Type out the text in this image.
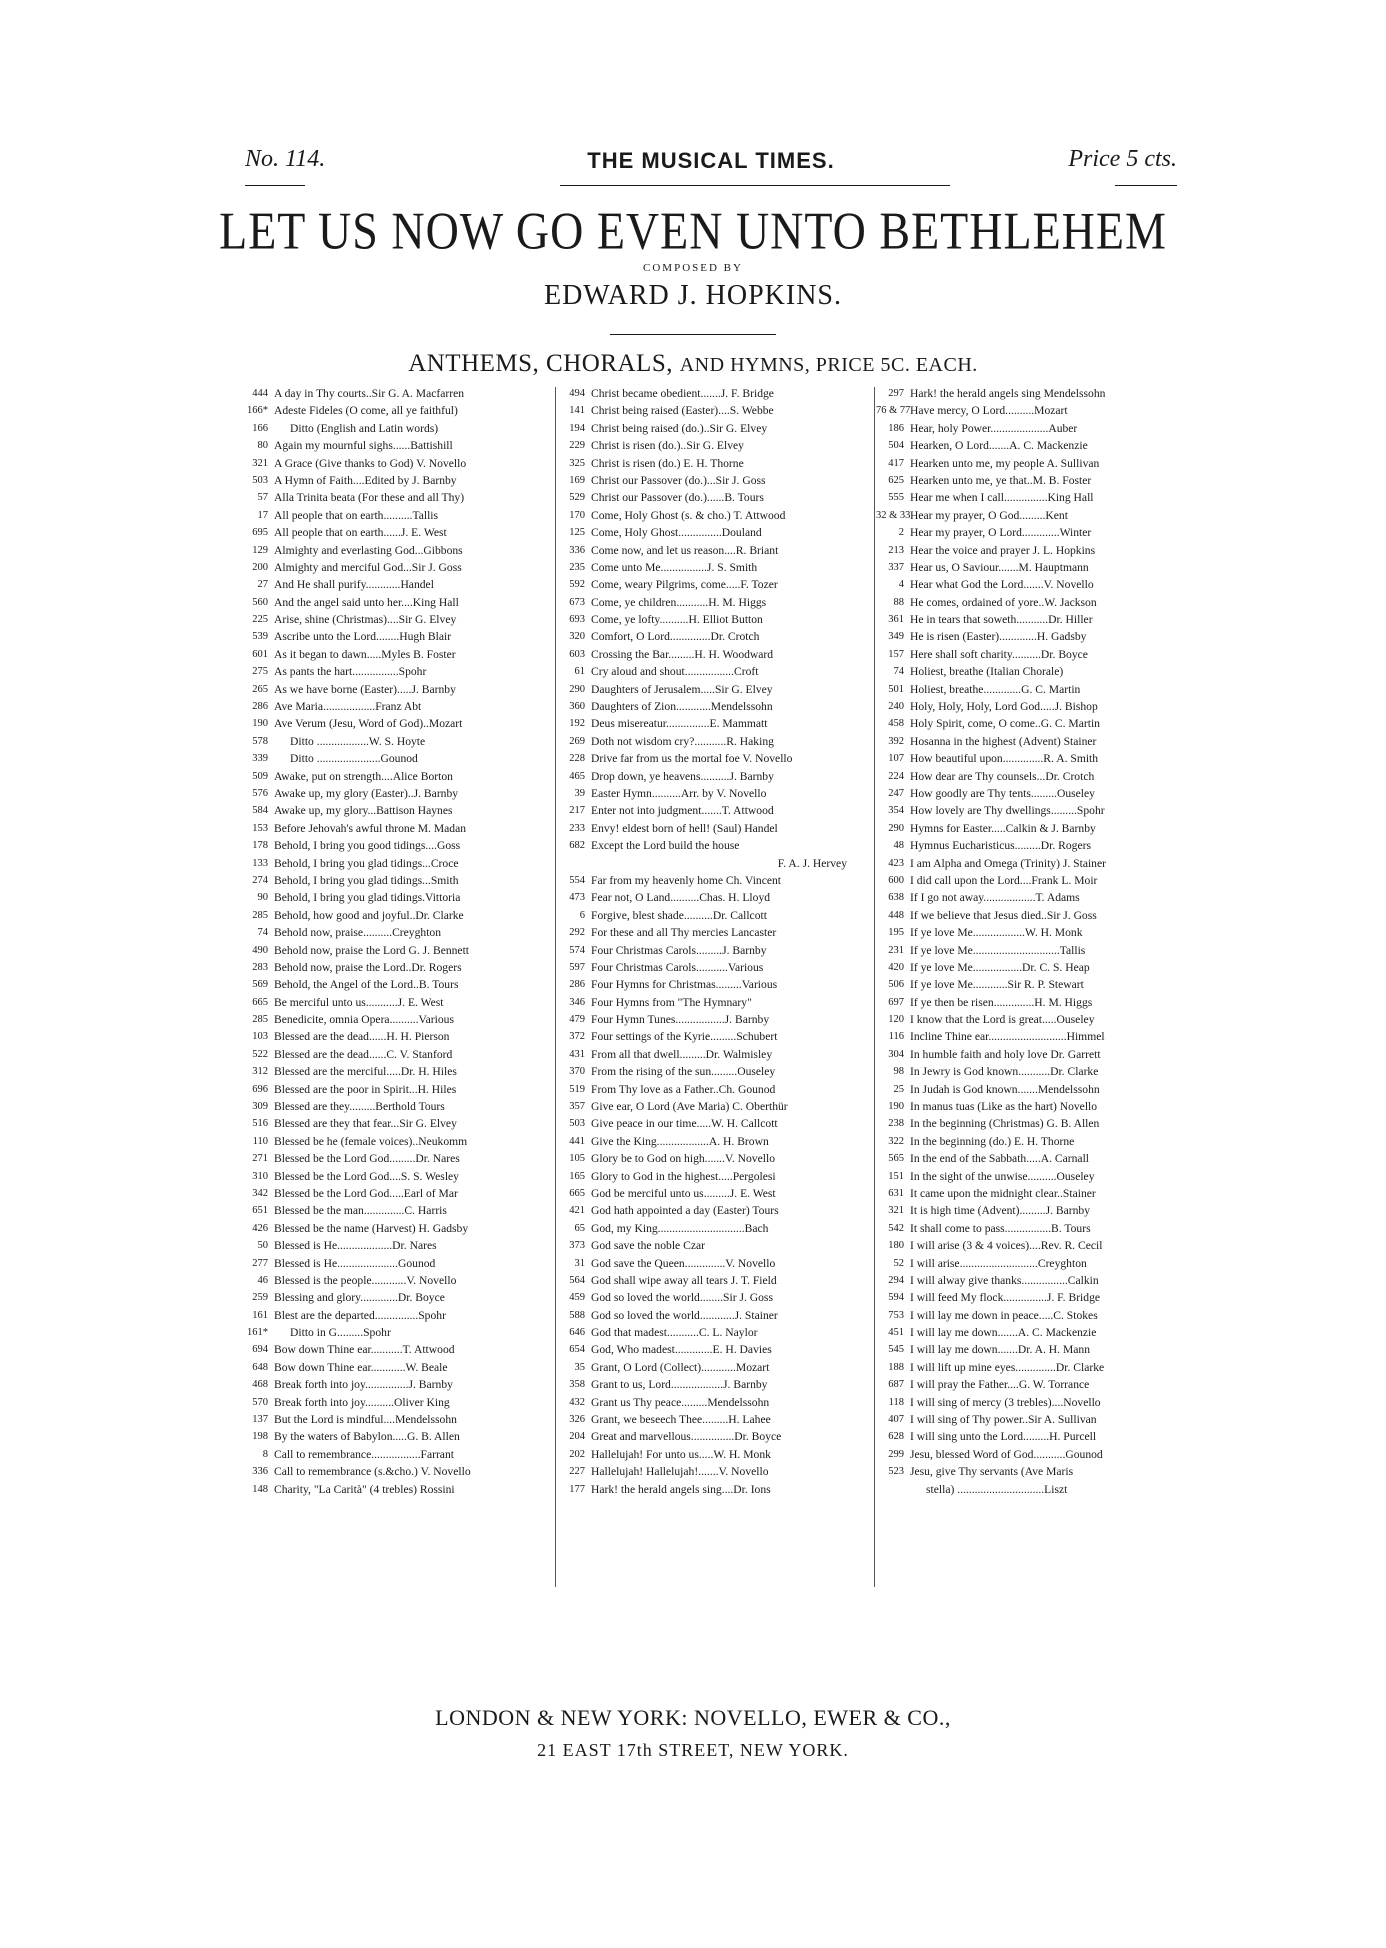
No. 114.	THE MUSICAL TIMES.	Price 5 cts.
LET US NOW GO EVEN UNTO BETHLEHEM
COMPOSED BY
EDWARD J. HOPKINS.
ANTHEMS, CHORALS, AND HYMNS, PRICE 5C. EACH.
444 A day in Thy courts..Sir G. A. Macfarren
166* Adeste Fideles (O come, all ye faithful)
166	Ditto (English and Latin words)
80 Again my mournful sighs......Battishill
321 A Grace (Give thanks to God) V. Novello
503 A Hymn of Faith....Edited by J. Barnby
57 Alla Trinita beata (For these and all Thy)
17 All people that on earth..........Tallis
695 All people that on earth......J. E. West
129 Almighty and everlasting God...Gibbons
200 Almighty and merciful God...Sir J. Goss
27 And He shall purify............Handel
560 And the angel said unto her....King Hall
225 Arise, shine (Christmas)....Sir G. Elvey
539 Ascribe unto the Lord........Hugh Blair
601 As it began to dawn.....Myles B. Foster
275 As pants the hart................Spohr
265 As we have borne (Easter).....J. Barnby
286 Ave Maria..................Franz Abt
190 Ave Verum (Jesu, Word of God)..Mozart
578	Ditto ..................W. S. Hoyte
339	Ditto ......................Gounod
509 Awake, put on strength....Alice Borton
576 Awake up, my glory (Easter)..J. Barnby
584 Awake up, my glory...Battison Haynes
153 Before Jehovah's awful throne M. Madan
178 Behold, I bring you good tidings....Goss
133 Behold, I bring you glad tidings...Croce
274 Behold, I bring you glad tidings...Smith
90 Behold, I bring you glad tidings.Vittoria
285 Behold, how good and joyful..Dr. Clarke
74 Behold now, praise..........Creyghton
490 Behold now, praise the Lord G. J. Bennett
283 Behold now, praise the Lord..Dr. Rogers
569 Behold, the Angel of the Lord..B. Tours
665 Be merciful unto us...........J. E. West
285 Benedicite, omnia Opera..........Various
103 Blessed are the dead......H. H. Pierson
522 Blessed are the dead......C. V. Stanford
312 Blessed are the merciful.....Dr. H. Hiles
696 Blessed are the poor in Spirit...H. Hiles
309 Blessed are they.........Berthold Tours
516 Blessed are they that fear...Sir G. Elvey
110 Blessed be he (female voices)..Neukomm
271 Blessed be the Lord God.........Dr. Nares
310 Blessed be the Lord God....S. S. Wesley
342 Blessed be the Lord God.....Earl of Mar
651 Blessed be the man..............C. Harris
426 Blessed be the name (Harvest) H. Gadsby
50 Blessed is He...................Dr. Nares
277 Blessed is He.....................Gounod
46 Blessed is the people............V. Novello
259 Blessing and glory.............Dr. Boyce
161 Blest are the departed...............Spohr
161*	Ditto in G.........Spohr
694 Bow down Thine ear...........T. Attwood
648 Bow down Thine ear............W. Beale
468 Break forth into joy...............J. Barnby
570 Break forth into joy..........Oliver King
137 But the Lord is mindful....Mendelssohn
198 By the waters of Babylon.....G. B. Allen
8 Call to remembrance.................Farrant
336 Call to remembrance (s.&cho.) V. Novello
148 Charity, "La Carità" (4 trebles) Rossini
494 Christ became obedient.......J. F. Bridge
141 Christ being raised (Easter)....S. Webbe
194 Christ being raised (do.)..Sir G. Elvey
229 Christ is risen (do.)..Sir G. Elvey
325 Christ is risen (do.) E. H. Thorne
169 Christ our Passover (do.)...Sir J. Goss
529 Christ our Passover (do.)......B. Tours
170 Come, Holy Ghost (s. & cho.) T. Attwood
125 Come, Holy Ghost...............Douland
336 Come now, and let us reason....R. Briant
235 Come unto Me................J. S. Smith
592 Come, weary Pilgrims, come.....F. Tozer
673 Come, ye children...........H. M. Higgs
693 Come, ye lofty..........H. Elliot Button
320 Comfort, O Lord..............Dr. Crotch
603 Crossing the Bar.........H. H. Woodward
61 Cry aloud and shout.................Croft
290 Daughters of Jerusalem.....Sir G. Elvey
360 Daughters of Zion............Mendelssohn
192 Deus misereatur...............E. Mammatt
269 Doth not wisdom cry?...........R. Haking
228 Drive far from us the mortal foe V. Novello
465 Drop down, ye heavens..........J. Barnby
39 Easter Hymn..........Arr. by V. Novello
217 Enter not into judgment.......T. Attwood
233 Envy! eldest born of hell! (Saul) Handel
682 Except the Lord build the house
F. A. J. Hervey
554 Far from my heavenly home Ch. Vincent
473 Fear not, O Land..........Chas. H. Lloyd
6 Forgive, blest shade..........Dr. Callcott
292 For these and all Thy mercies Lancaster
574 Four Christmas Carols.........J. Barnby
597 Four Christmas Carols...........Various
286 Four Hymns for Christmas.........Various
346 Four Hymns from "The Hymnary"
479 Four Hymn Tunes.................J. Barnby
372 Four settings of the Kyrie.........Schubert
431 From all that dwell.........Dr. Walmisley
370 From the rising of the sun.........Ouseley
519 From Thy love as a Father..Ch. Gounod
357 Give ear, O Lord (Ave Maria) C. Oberthür
503 Give peace in our time.....W. H. Callcott
441 Give the King..................A. H. Brown
105 Glory be to God on high.......V. Novello
165 Glory to God in the highest.....Pergolesi
665 God be merciful unto us.........J. E. West
421 God hath appointed a day (Easter) Tours
65 God, my King..............................Bach
373 God save the noble Czar
31 God save the Queen..............V. Novello
564 God shall wipe away all tears J. T. Field
459 God so loved the world........Sir J. Goss
588 God so loved the world............J. Stainer
646 God that madest...........C. L. Naylor
654 God, Who madest.............E. H. Davies
35 Grant, O Lord (Collect)............Mozart
358 Grant to us, Lord..................J. Barnby
432 Grant us Thy peace.........Mendelssohn
326 Grant, we beseech Thee.........H. Lahee
204 Great and marvellous...............Dr. Boyce
202 Hallelujah! For unto us.....W. H. Monk
227 Hallelujah! Hallelujah!.......V. Novello
177 Hark! the herald angels sing....Dr. Ions
297 Hark! the herald angels sing Mendelssohn
76 & 77 Have mercy, O Lord..........Mozart
186 Hear, holy Power....................Auber
504 Hearken, O Lord.......A. C. Mackenzie
417 Hearken unto me, my people A. Sullivan
625 Hearken unto me, ye that..M. B. Foster
555 Hear me when I call...............King Hall
32 & 33 Hear my prayer, O God.........Kent
2 Hear my prayer, O Lord.............Winter
213 Hear the voice and prayer J. L. Hopkins
337 Hear us, O Saviour.......M. Hauptmann
4 Hear what God the Lord.......V. Novello
88 He comes, ordained of yore..W. Jackson
361 He in tears that soweth...........Dr. Hiller
349 He is risen (Easter).............H. Gadsby
157 Here shall soft charity..........Dr. Boyce
74 Holiest, breathe (Italian Chorale)
501 Holiest, breathe.............G. C. Martin
240 Holy, Holy, Holy, Lord God.....J. Bishop
458 Holy Spirit, come, O come..G. C. Martin
392 Hosanna in the highest (Advent) Stainer
107 How beautiful upon..............R. A. Smith
224 How dear are Thy counsels...Dr. Crotch
247 How goodly are Thy tents.........Ouseley
354 How lovely are Thy dwellings.........Spohr
290 Hymns for Easter.....Calkin & J. Barnby
48 Hymnus Eucharisticus.........Dr. Rogers
423 I am Alpha and Omega (Trinity) J. Stainer
600 I did call upon the Lord....Frank L. Moir
638 If I go not away..................T. Adams
448 If we believe that Jesus died..Sir J. Goss
195 If ye love Me..................W. H. Monk
231 If ye love Me..............................Tallis
420 If ye love Me.................Dr. C. S. Heap
506 If ye love Me............Sir R. P. Stewart
697 If ye then be risen..............H. M. Higgs
120 I know that the Lord is great.....Ouseley
116 Incline Thine ear...........................Himmel
304 In humble faith and holy love Dr. Garrett
98 In Jewry is God known...........Dr. Clarke
25 In Judah is God known.......Mendelssohn
190 In manus tuas (Like as the hart) Novello
238 In the beginning (Christmas) G. B. Allen
322 In the beginning (do.) E. H. Thorne
565 In the end of the Sabbath.....A. Carnall
151 In the sight of the unwise..........Ouseley
631 It came upon the midnight clear..Stainer
321 It is high time (Advent).........J. Barnby
542 It shall come to pass................B. Tours
180 I will arise (3 & 4 voices)....Rev. R. Cecil
52 I will arise...........................Creyghton
294 I will alway give thanks................Calkin
594 I will feed My flock...............J. F. Bridge
753 I will lay me down in peace.....C. Stokes
451 I will lay me down.......A. C. Mackenzie
545 I will lay me down.......Dr. A. H. Mann
188 I will lift up mine eyes..............Dr. Clarke
687 I will pray the Father....G. W. Torrance
118 I will sing of mercy (3 trebles)....Novello
407 I will sing of Thy power..Sir A. Sullivan
628 I will sing unto the Lord.........H. Purcell
299 Jesu, blessed Word of God...........Gounod
523 Jesu, give Thy servants (Ave Maris
stella) ..............................Liszt
LONDON & NEW YORK: NOVELLO, EWER & CO.,
21 EAST 17th STREET, NEW YORK.
